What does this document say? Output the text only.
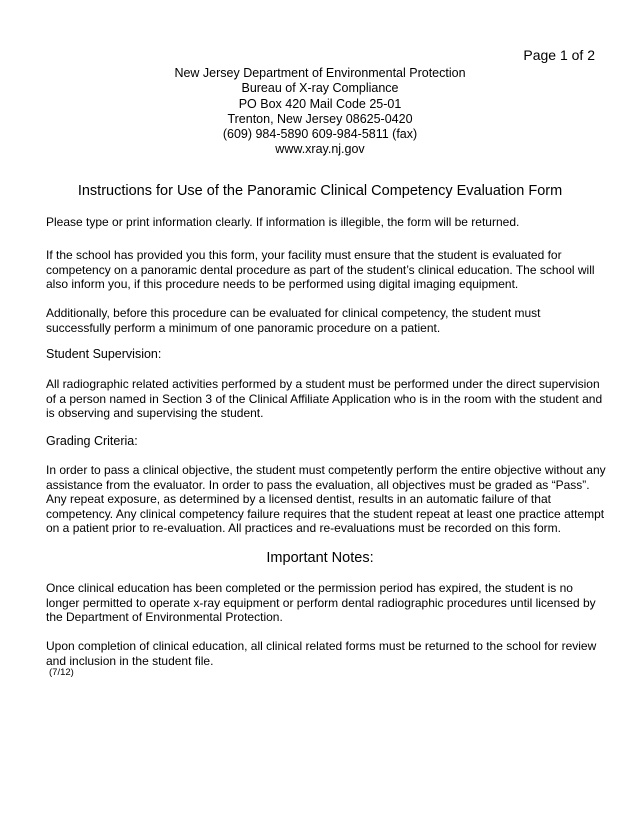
Page 1 of 2
New Jersey Department of Environmental Protection
Bureau of X-ray Compliance
PO Box 420 Mail Code 25-01
Trenton, New Jersey 08625-0420
(609) 984-5890 609-984-5811 (fax)
www.xray.nj.gov
Instructions for Use of the Panoramic Clinical Competency Evaluation Form
Please type or print information clearly. If information is illegible, the form will be returned.
If the school has provided you this form, your facility must ensure that the student is evaluated for competency on a panoramic dental procedure as part of the student’s clinical education. The school will also inform you, if this procedure needs to be performed using digital imaging equipment.
Additionally, before this procedure can be evaluated for clinical competency, the student must successfully perform a minimum of one panoramic procedure on a patient.
Student Supervision:
All radiographic related activities performed by a student must be performed under the direct supervision of a person named in Section 3 of the Clinical Affiliate Application who is in the room with the student and is observing and supervising the student.
Grading Criteria:
In order to pass a clinical objective, the student must competently perform the entire objective without any assistance from the evaluator. In order to pass the evaluation, all objectives must be graded as “Pass”. Any repeat exposure, as determined by a licensed dentist, results in an automatic failure of that competency. Any clinical competency failure requires that the student repeat at least one practice attempt on a patient prior to re-evaluation. All practices and re-evaluations must be recorded on this form.
Important Notes:
Once clinical education has been completed or the permission period has expired, the student is no longer permitted to operate x-ray equipment or perform dental radiographic procedures until licensed by the Department of Environmental Protection.
Upon completion of clinical education, all clinical related forms must be returned to the school for review and inclusion in the student file.
(7/12)
